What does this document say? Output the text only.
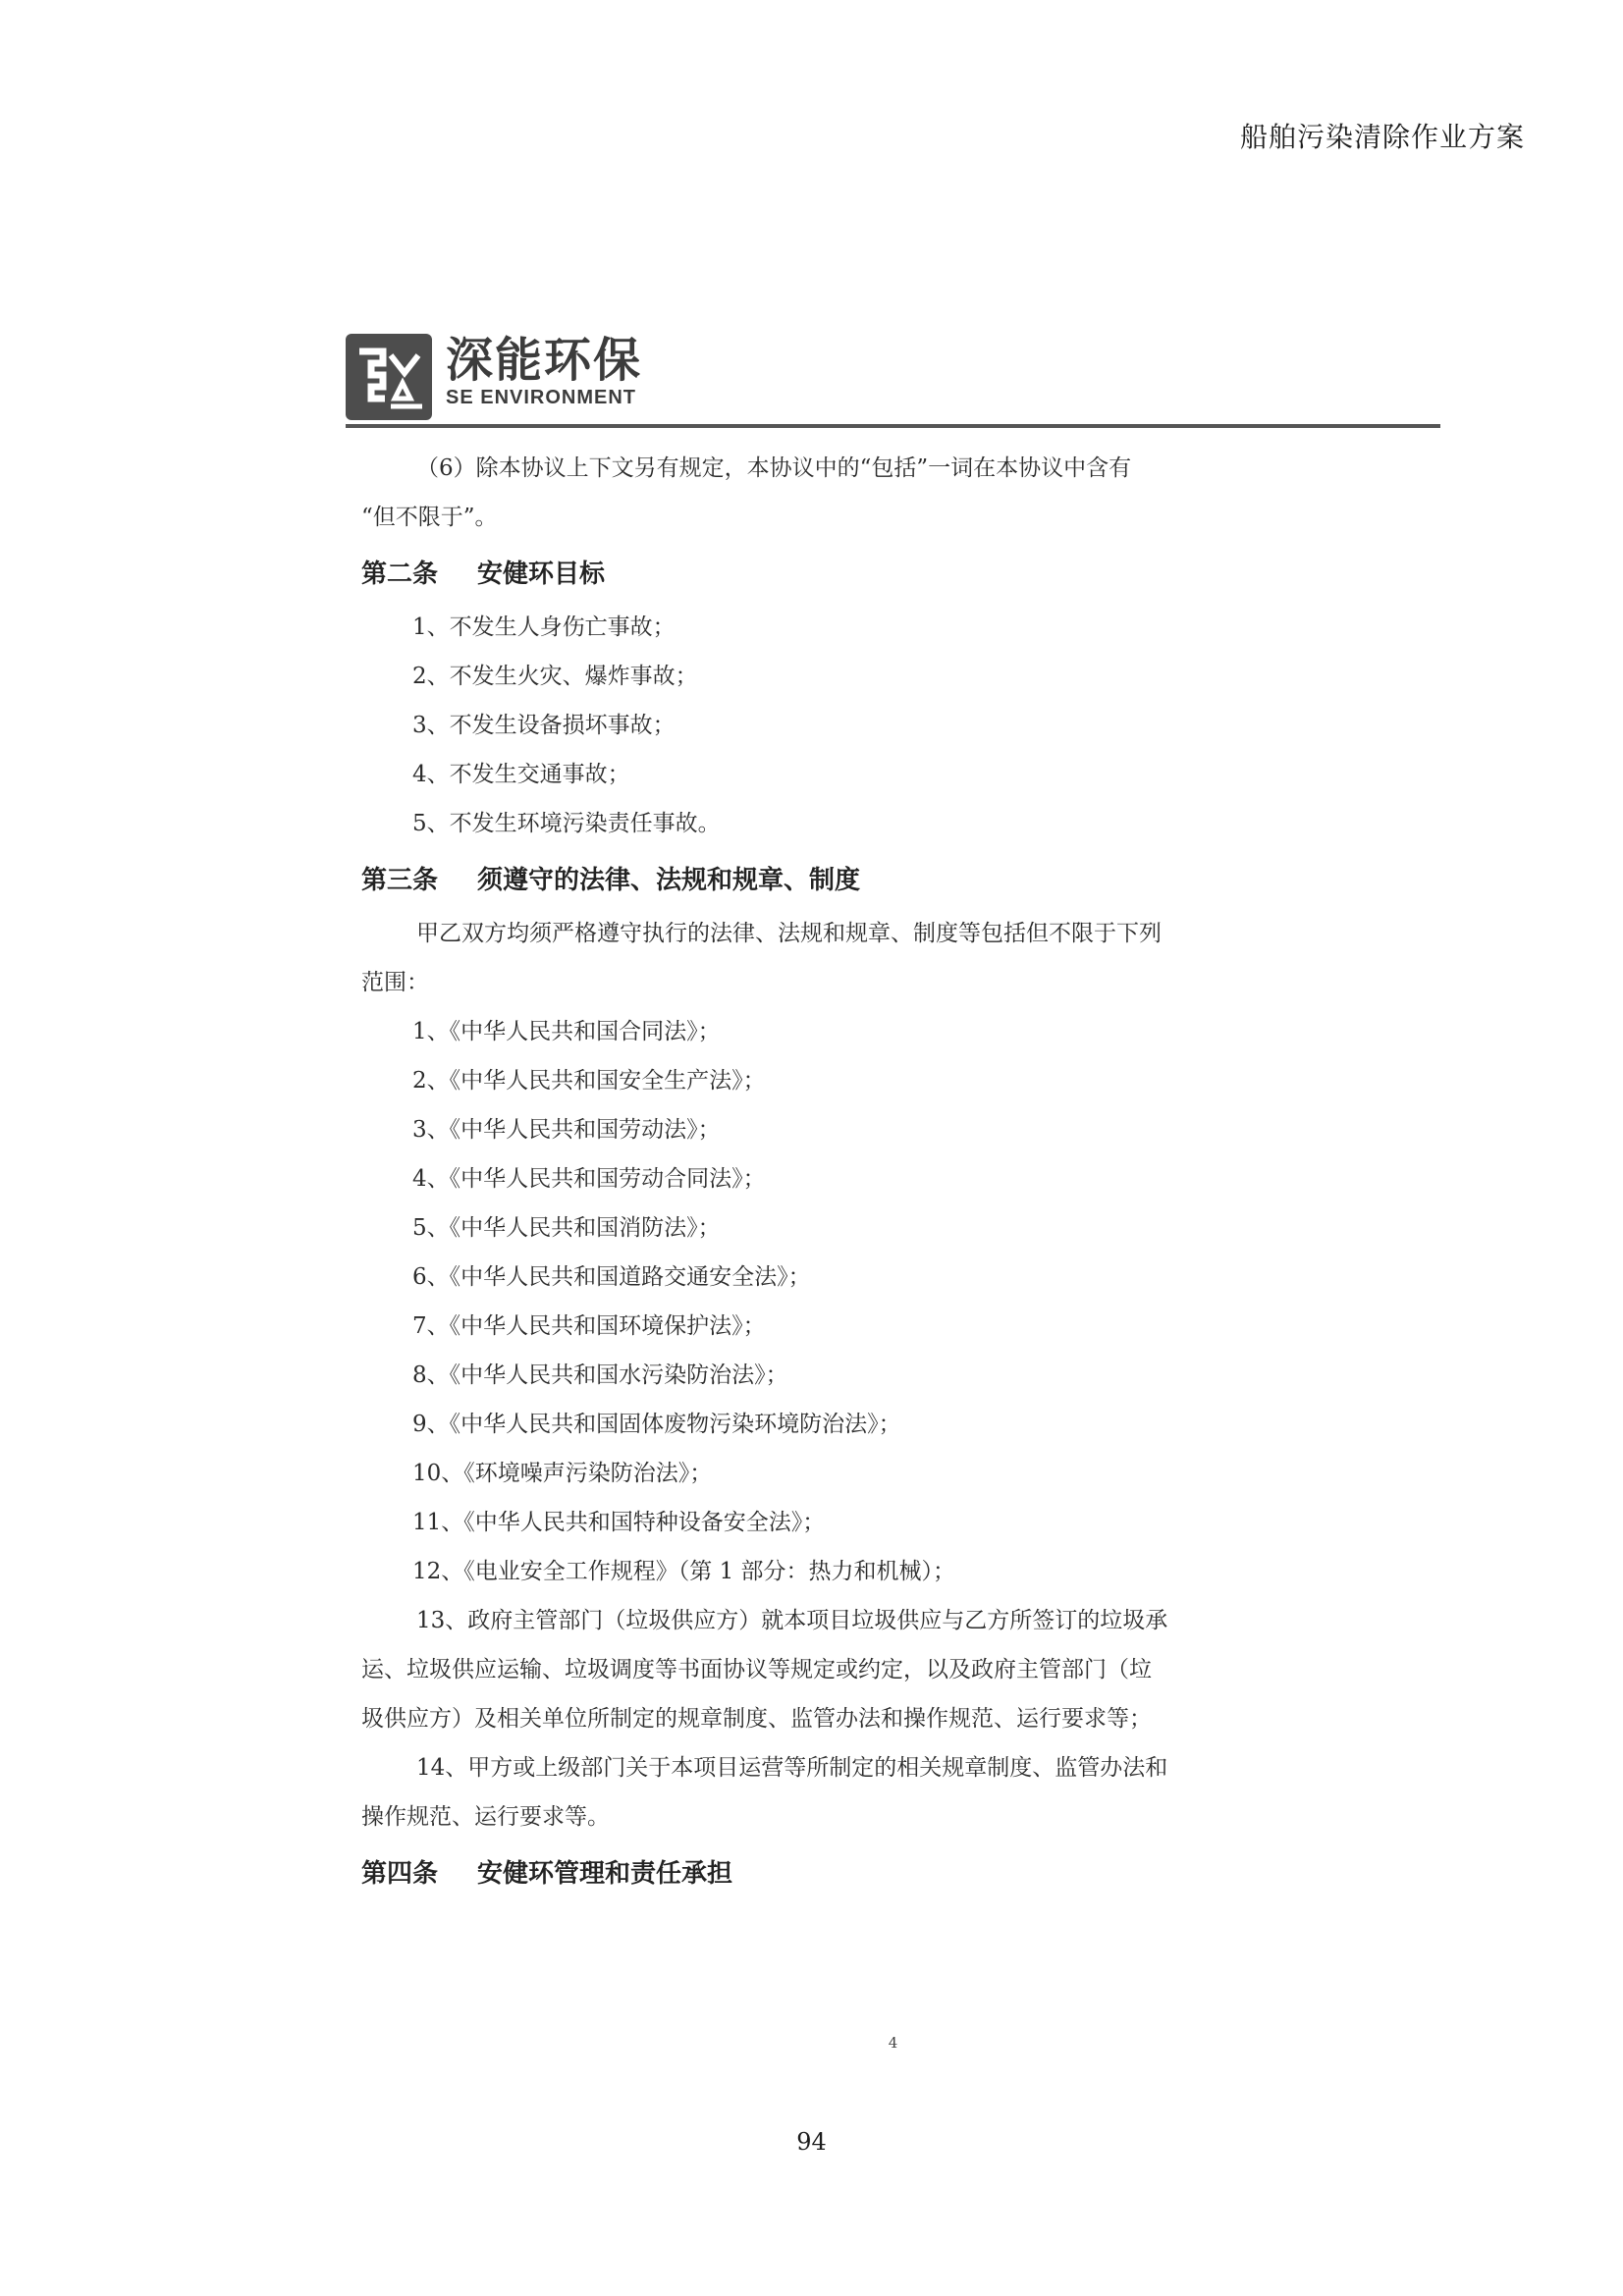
船舶污染清除作业方案
深能环保
SE ENVIRONMENT

（6）除本协议上下文另有规定，本协议中的“包括”一词在本协议中含有

“但不限于”。

第二条 安健环目标

1、不发生人身伤亡事故；

2、不发生火灾、爆炸事故；

3、不发生设备损坏事故；

4、不发生交通事故；

5、不发生环境污染责任事故。

第三条 须遵守的法律、法规和规章、制度

甲乙双方均须严格遵守执行的法律、法规和规章、制度等包括但不限于下列

范围：

1、《中华人民共和国合同法》；

2、《中华人民共和国安全生产法》；

3、《中华人民共和国劳动法》；

4、《中华人民共和国劳动合同法》；

5、《中华人民共和国消防法》；

6、《中华人民共和国道路交通安全法》；

7、《中华人民共和国环境保护法》；

8、《中华人民共和国水污染防治法》；

9、《中华人民共和国固体废物污染环境防治法》；

10、《环境噪声污染防治法》；

11、《中华人民共和国特种设备安全法》；

12、《电业安全工作规程》（第 1 部分：热力和机械）；

13、政府主管部门（垃圾供应方）就本项目垃圾供应与乙方所签订的垃圾承

运、垃圾供应运输、垃圾调度等书面协议等规定或约定，以及政府主管部门（垃

圾供应方）及相关单位所制定的规章制度、监管办法和操作规范、运行要求等；

14、甲方或上级部门关于本项目运营等所制定的相关规章制度、监管办法和

操作规范、运行要求等。

第四条 安健环管理和责任承担
4
94
